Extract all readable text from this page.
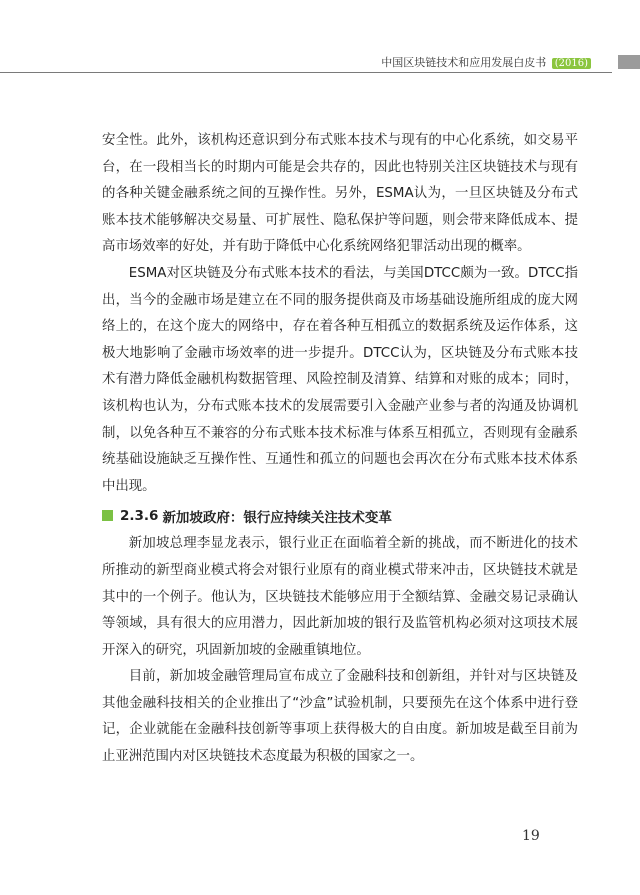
中国区块链技术和应用发展白皮书 (2016)

安全性。此外，该机构还意识到分布式账本技术与现有的中心化系统，如交易平台，在一段相当长的时期内可能是会共存的，因此也特别关注区块链技术与现有的各种关键金融系统之间的互操作性。另外，ESMA认为，一旦区块链及分布式账本技术能够解决交易量、可扩展性、隐私保护等问题，则会带来降低成本、提高市场效率的好处，并有助于降低中心化系统网络犯罪活动出现的概率。

ESMA对区块链及分布式账本技术的看法，与美国DTCC颇为一致。DTCC指出，当今的金融市场是建立在不同的服务提供商及市场基础设施所组成的庞大网络上的，在这个庞大的网络中，存在着各种互相孤立的数据系统及运作体系，这极大地影响了金融市场效率的进一步提升。DTCC认为，区块链及分布式账本技术有潜力降低金融机构数据管理、风险控制及清算、结算和对账的成本；同时，该机构也认为，分布式账本技术的发展需要引入金融产业参与者的沟通及协调机制，以免各种互不兼容的分布式账本技术标准与体系互相孤立，否则现有金融系统基础设施缺乏互操作性、互通性和孤立的问题也会再次在分布式账本技术体系中出现。

2.3.6 新加坡政府：银行应持续关注技术变革

新加坡总理李显龙表示，银行业正在面临着全新的挑战，而不断进化的技术所推动的新型商业模式将会对银行业原有的商业模式带来冲击，区块链技术就是其中的一个例子。他认为，区块链技术能够应用于全额结算、金融交易记录确认等领域，具有很大的应用潜力，因此新加坡的银行及监管机构必须对这项技术展开深入的研究，巩固新加坡的金融重镇地位。

目前，新加坡金融管理局宣布成立了金融科技和创新组，并针对与区块链及其他金融科技相关的企业推出了“沙盒”试验机制，只要预先在这个体系中进行登记，企业就能在金融科技创新等事项上获得极大的自由度。新加坡是截至目前为止亚洲范围内对区块链技术态度最为积极的国家之一。

19
